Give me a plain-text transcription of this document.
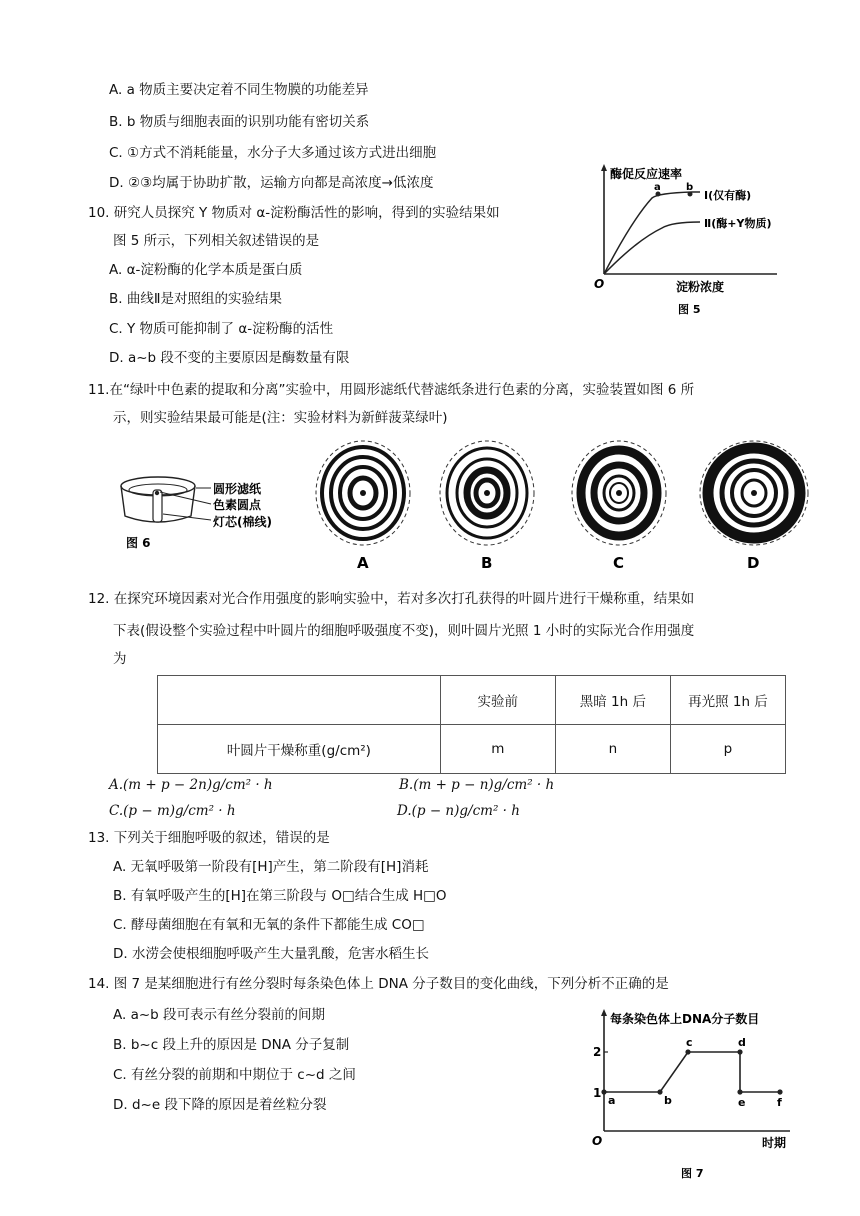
A. a 物质主要决定着不同生物膜的功能差异
B. b 物质与细胞表面的识别功能有密切关系
C. ①方式不消耗能量，水分子大多通过该方式进出细胞
D. ②③均属于协助扩散，运输方向都是高浓度→低浓度
10. 研究人员探究 Y 物质对 α-淀粉酶活性的影响，得到的实验结果如
图 5 所示，下列相关叙述错误的是
A. α-淀粉酶的化学本质是蛋白质
B. 曲线Ⅱ是对照组的实验结果
C. Y 物质可能抑制了 α-淀粉酶的活性
D. a~b 段不变的主要原因是酶数量有限
酶促反应速率
O	淀粉浓度
a	b
Ⅰ(仅有酶)
Ⅱ(酶+Y物质)
图 5
11.在“绿叶中色素的提取和分离”实验中，用圆形滤纸代替滤纸条进行色素的分离，实验装置如图 6 所
示，则实验结果最可能是(注：实验材料为新鲜菠菜绿叶)
圆形滤纸
色素圆点
灯芯(棉线)
图 6
A	B	C	D
12. 在探究环境因素对光合作用强度的影响实验中，若对多次打孔获得的叶圆片进行干燥称重，结果如
下表(假设整个实验过程中叶圆片的细胞呼吸强度不变)，则叶圆片光照 1 小时的实际光合作用强度
为
	实验前	黑暗 1h 后	再光照 1h 后
叶圆片干燥称重(g/cm²)	m	n	p
A.(m + p − 2n)g/cm² · h	B.(m + p − n)g/cm² · h
C.(p − m)g/cm² · h	D.(p − n)g/cm² · h
13. 下列关于细胞呼吸的叙述，错误的是
A. 无氧呼吸第一阶段有[H]产生，第二阶段有[H]消耗
B. 有氧呼吸产生的[H]在第三阶段与 O□结合生成 H□O
C. 酵母菌细胞在有氧和无氧的条件下都能生成 CO□
D. 水涝会使根细胞呼吸产生大量乳酸，危害水稻生长
14. 图 7 是某细胞进行有丝分裂时每条染色体上 DNA 分子数目的变化曲线，下列分析不正确的是
A. a~b 段可表示有丝分裂前的间期
B. b~c 段上升的原因是 DNA 分子复制
C. 有丝分裂的前期和中期位于 c~d 之间
D. d~e 段下降的原因是着丝粒分裂
每条染色体上DNA分子数目
O	时期
2
1
a	b
c	d
e	f
图 7
